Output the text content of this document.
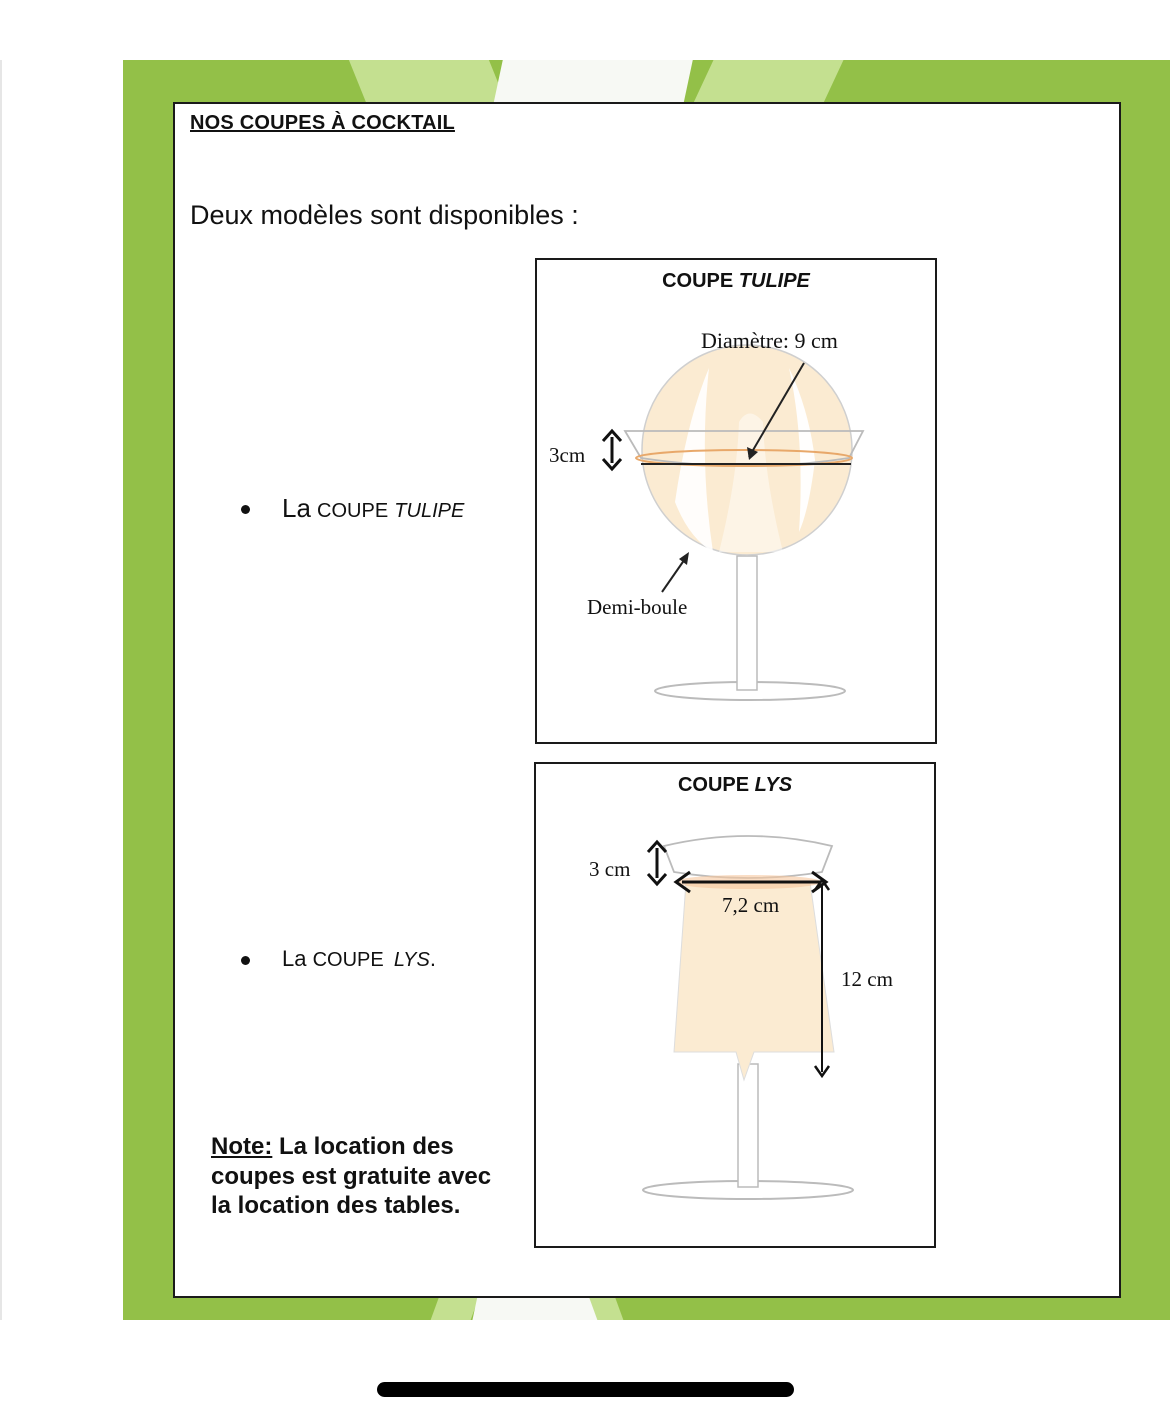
NOS COUPES À COCKTAIL
Deux modèles sont disponibles :
La COUPE TULIPE
La COUPE LYS.
Note: La location des coupes est gratuite avec la location des tables.
COUPE TULIPE
Diamètre: 9 cm
3cm
Demi-boule
COUPE LYS
3 cm
7,2 cm
12 cm
